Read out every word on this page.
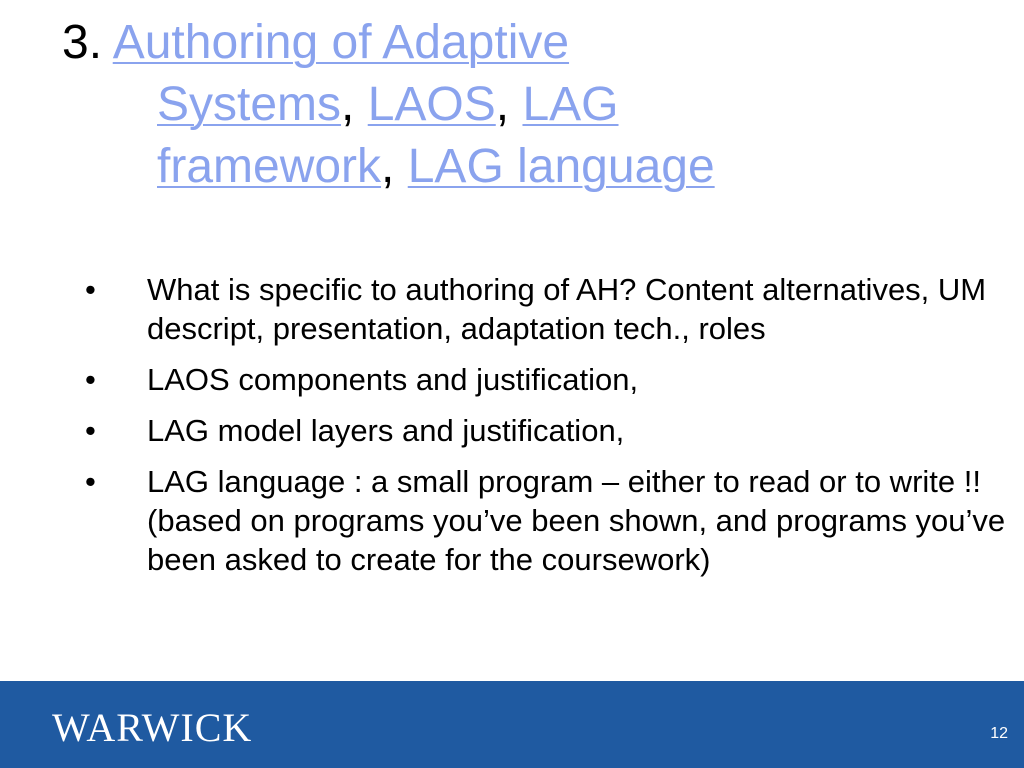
3. Authoring of Adaptive
Systems, LAOS, LAG
framework, LAG language
•	What is specific to authoring of AH? Content alternatives, UM descript, presentation, adaptation tech., roles
•	LAOS components and justification,
•	LAG model layers and justification,
•	LAG language : a small program – either to read or to write !! (based on programs you’ve been shown, and programs you’ve been asked to create for the coursework)
WARWICK	12
